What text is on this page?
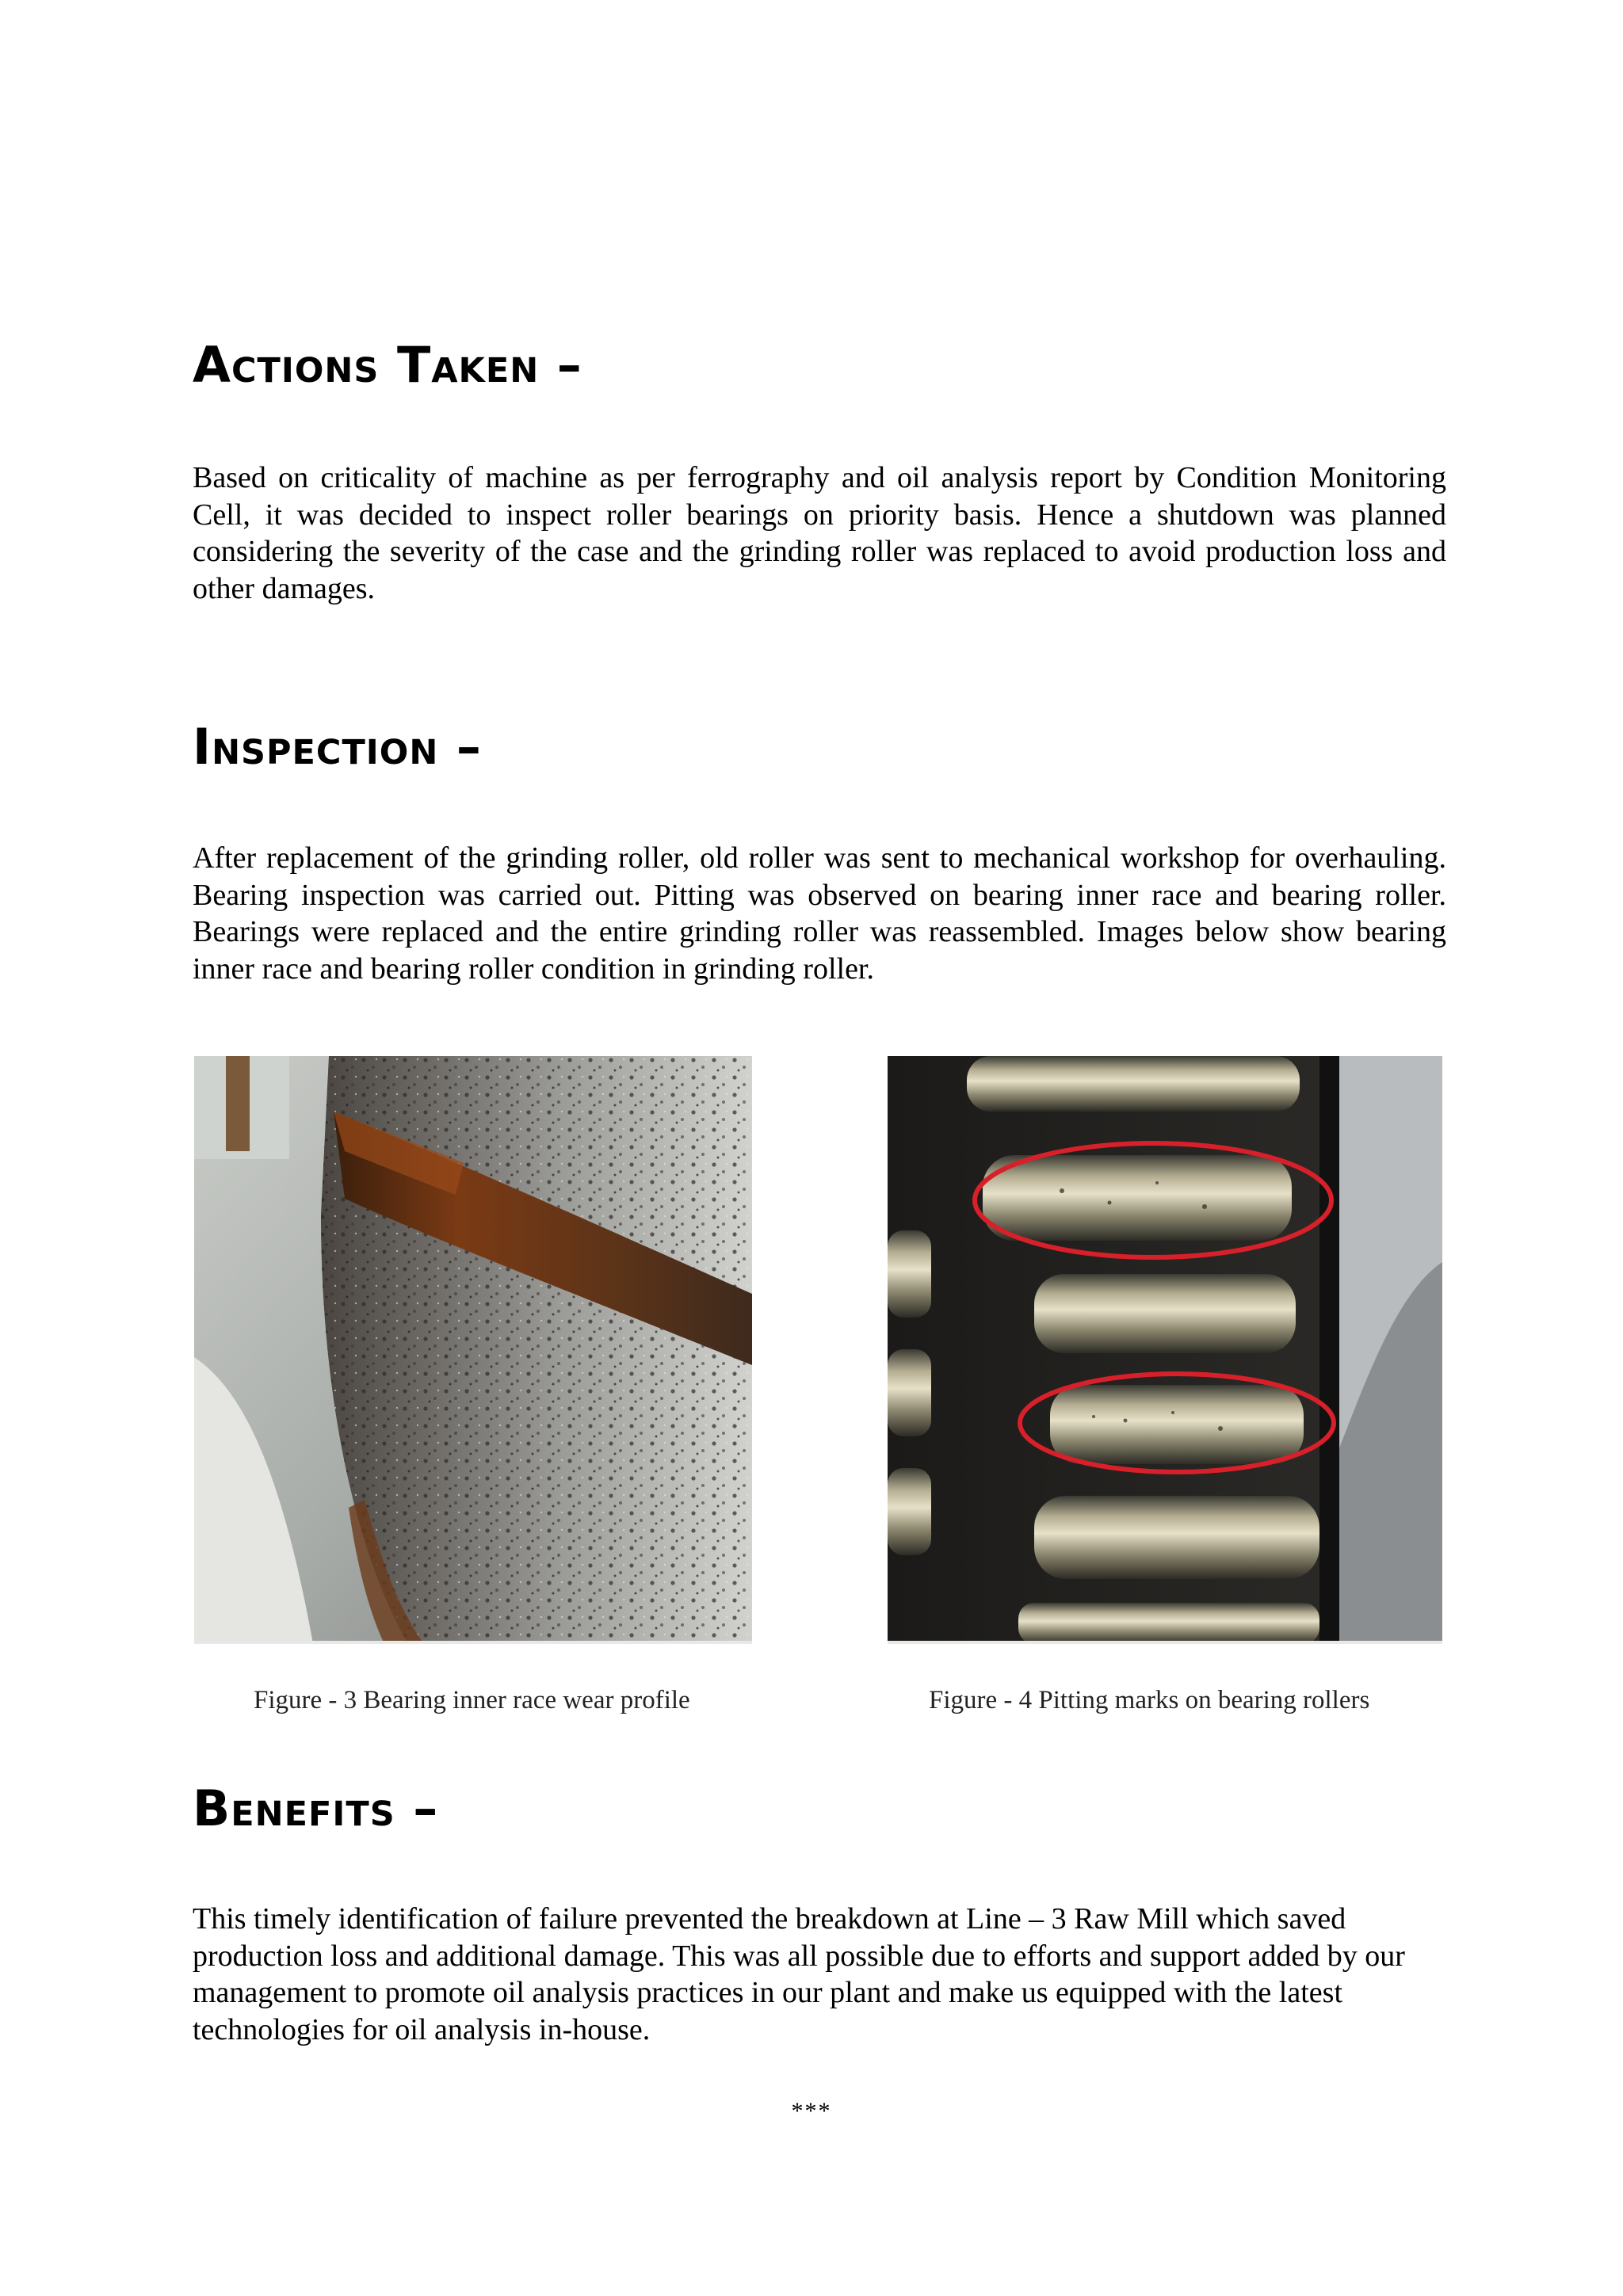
Actions Taken –

Based on criticality of machine as per ferrography and oil analysis report by Condition Monitoring Cell, it was decided to inspect roller bearings on priority basis. Hence a shutdown was planned considering the severity of the case and the grinding roller was replaced to avoid production loss and other damages.

Inspection –

After replacement of the grinding roller, old roller was sent to mechanical workshop for overhauling. Bearing inspection was carried out. Pitting was observed on bearing inner race and bearing roller. Bearings were replaced and the entire grinding roller was reassembled. Images below show bearing inner race and bearing roller condition in grinding roller.

Figure - 3 Bearing inner race wear profile	Figure - 4 Pitting marks on bearing rollers
Benefits –

This timely identification of failure prevented the breakdown at Line – 3 Raw Mill which saved production loss and additional damage. This was all possible due to efforts and support added by our management to promote oil analysis practices in our plant and make us equipped with the latest technologies for oil analysis in-house.

***
